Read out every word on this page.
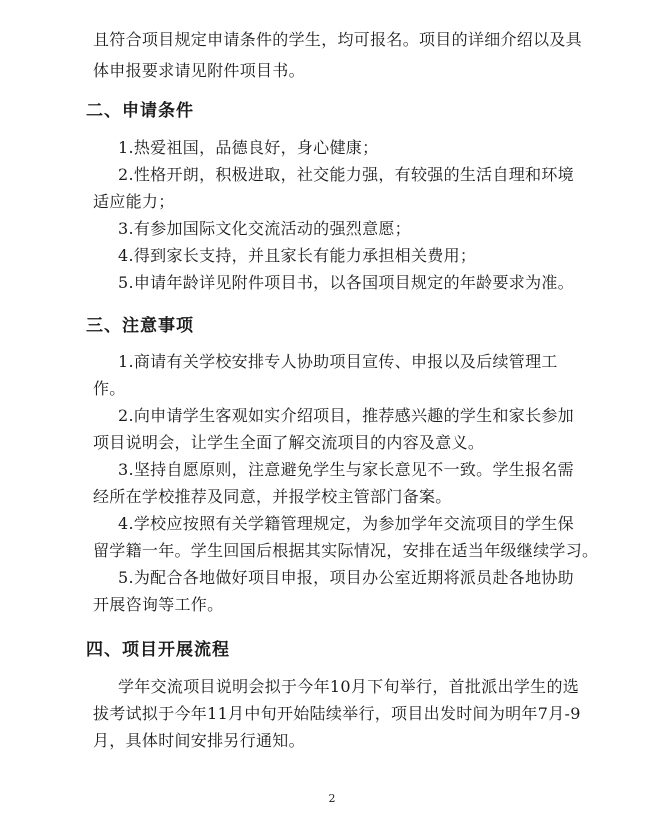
且符合项目规定申请条件的学生，均可报名。项目的详细介绍以及具
体申报要求请见附件项目书。
二、申请条件
1.热爱祖国，品德良好，身心健康；
2.性格开朗，积极进取，社交能力强，有较强的生活自理和环境
适应能力；
3.有参加国际文化交流活动的强烈意愿；
4.得到家长支持，并且家长有能力承担相关费用；
5.申请年龄详见附件项目书，以各国项目规定的年龄要求为准。
三、注意事项
1.商请有关学校安排专人协助项目宣传、申报以及后续管理工
作。
2.向申请学生客观如实介绍项目，推荐感兴趣的学生和家长参加
项目说明会，让学生全面了解交流项目的内容及意义。
3.坚持自愿原则，注意避免学生与家长意见不一致。学生报名需
经所在学校推荐及同意，并报学校主管部门备案。
4.学校应按照有关学籍管理规定，为参加学年交流项目的学生保
留学籍一年。学生回国后根据其实际情况，安排在适当年级继续学习。
5.为配合各地做好项目申报，项目办公室近期将派员赴各地协助
开展咨询等工作。
四、项目开展流程
学年交流项目说明会拟于今年10月下旬举行，首批派出学生的选
拔考试拟于今年11月中旬开始陆续举行，项目出发时间为明年7月-9
月，具体时间安排另行通知。
2
